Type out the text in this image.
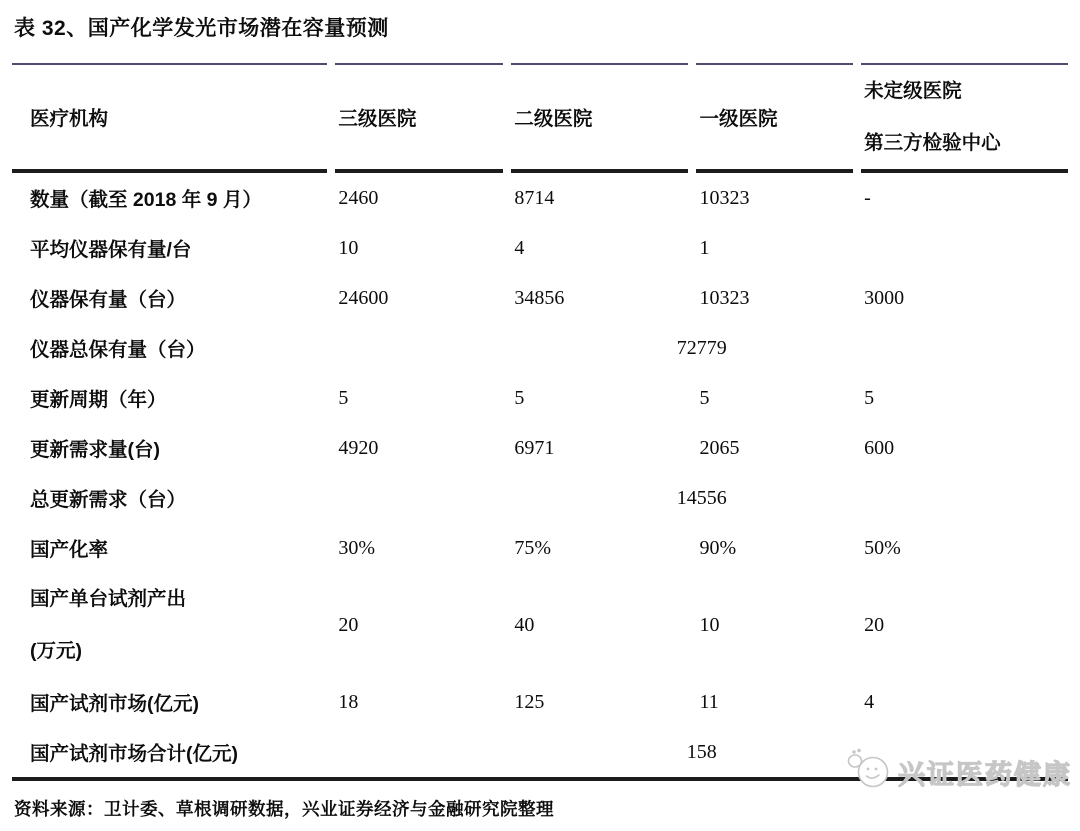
表 32、国产化学发光市场潜在容量预测
医疗机构	三级医院	二级医院	一级医院	未定级医院
第三方检验中心

数量（截至 2018 年 9 月）	2460	8714	10323	-
平均仪器保有量/台	10	4	1	
仪器保有量（台）	24600	34856	10323	3000
仪器总保有量（台）	72779			
更新周期（年）	5	5	5	5
更新需求量(台)	4920	6971	2065	600
总更新需求（台）	14556			
国产化率	30%	75%	90%	50%

国产单台试剂产出
(万元)	20	40	10	20
国产试剂市场(亿元)	18	125	11	4
国产试剂市场合计(亿元)	158			
资料来源：卫计委、草根调研数据，兴业证券经济与金融研究院整理
兴证医药健康
